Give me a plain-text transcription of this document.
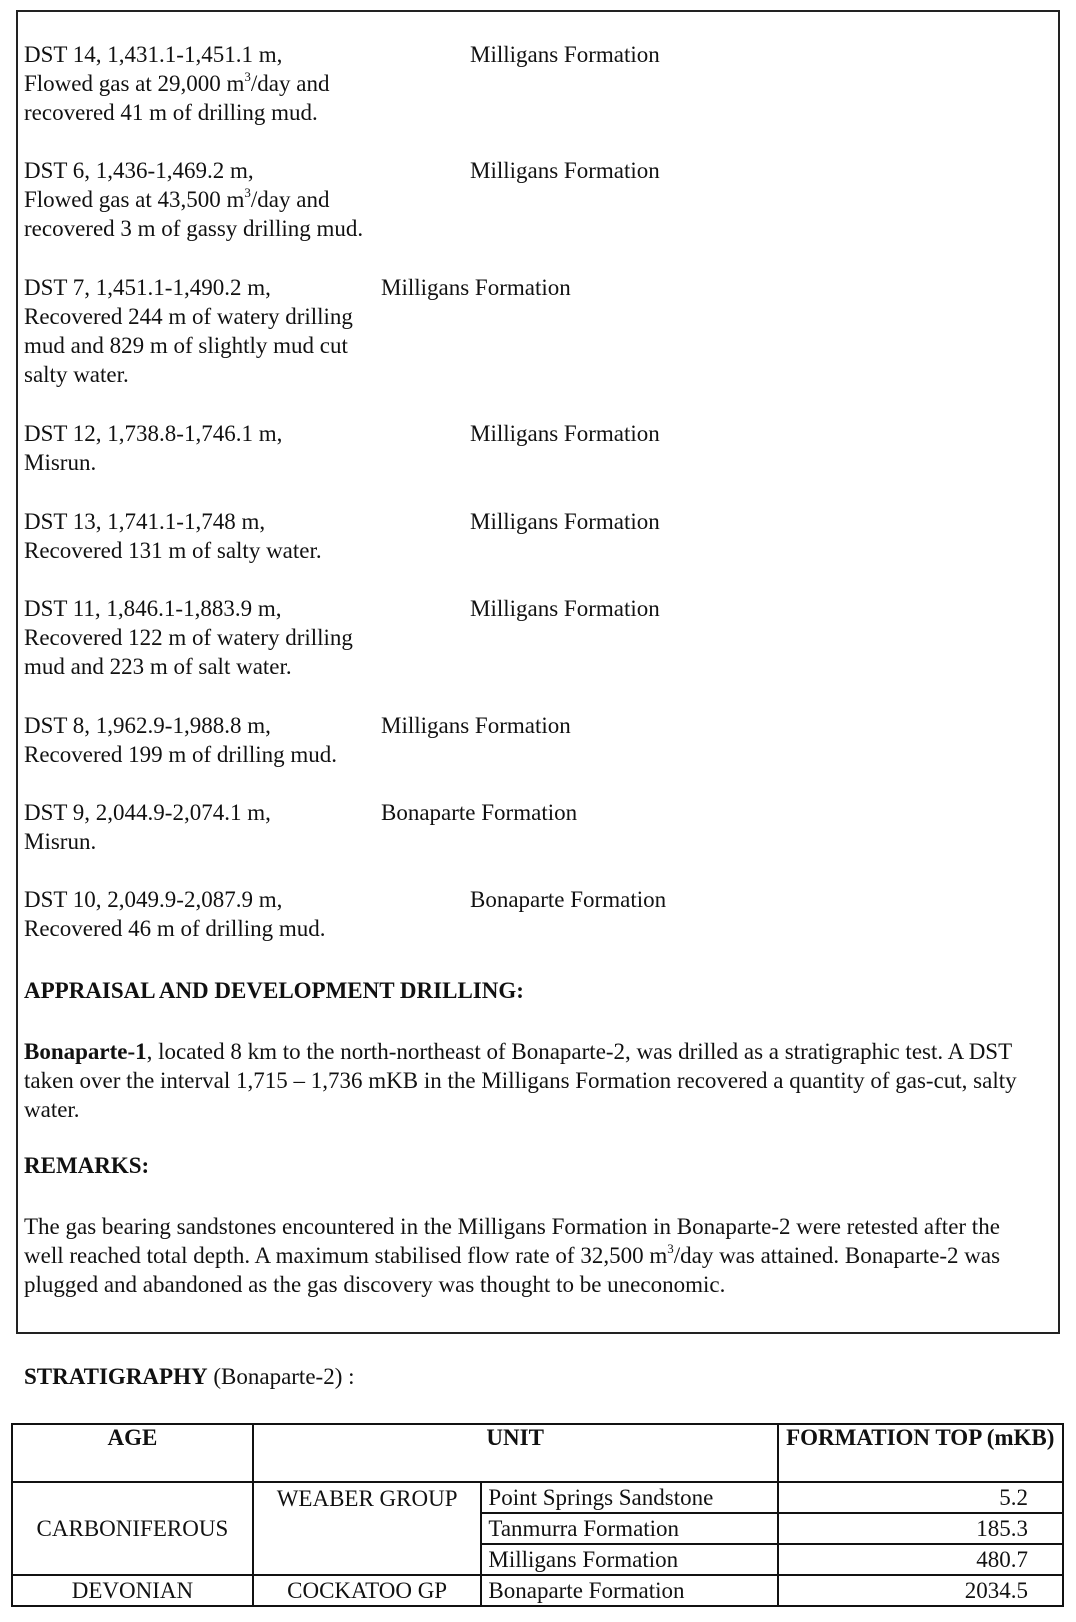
DST 14, 1,431.1-1,451.1 m,
Flowed gas at 29,000 $m^3$/day and
recovered 41 m of drilling mud.
Milligans Formation
DST 6, 1,436-1,469.2 m,
Flowed gas at 43,500 $m^3$/day and
recovered 3 m of gassy drilling mud.
Milligans Formation
DST 7, 1,451.1-1,490.2 m,
Recovered 244 m of watery drilling
mud and 829 m of slightly mud cut
salty water.
Milligans Formation
DST 12, 1,738.8-1,746.1 m,
Misrun.
Milligans Formation
DST 13, 1,741.1-1,748 m,
Recovered 131 m of salty water.
Milligans Formation
DST 11, 1,846.1-1,883.9 m,
Recovered 122 m of watery drilling
mud and 223 m of salt water.
Milligans Formation
DST 8, 1,962.9-1,988.8 m,
Recovered 199 m of drilling mud.
Milligans Formation
DST 9, 2,044.9-2,074.1 m,
Misrun.
Bonaparte Formation
DST 10, 2,049.9-2,087.9 m,
Recovered 46 m of drilling mud.
Bonaparte Formation
APPRAISAL AND DEVELOPMENT DRILLING:
Bonaparte-1, located 8 km to the north-northeast of Bonaparte-2, was drilled as a stratigraphic test. A DST taken over the interval 1,715 – 1,736 mKB in the Milligans Formation recovered a quantity of gas-cut, salty water.
REMARKS:
The gas bearing sandstones encountered in the Milligans Formation in Bonaparte-2 were retested after the well reached total depth. A maximum stabilised flow rate of 32,500 $m^3$/day was attained. Bonaparte-2 was plugged and abandoned as the gas discovery was thought to be uneconomic.
STRATIGRAPHY (Bonaparte-2) :
AGE	UNIT		FORMATION TOP (mKB)
CARBONIFEROUS	WEABER GROUP	Point Springs Sandstone	5.2
		Tanmurra Formation	185.3
		Milligans Formation	480.7
DEVONIAN	COCKATOO GP	Bonaparte Formation	2034.5
